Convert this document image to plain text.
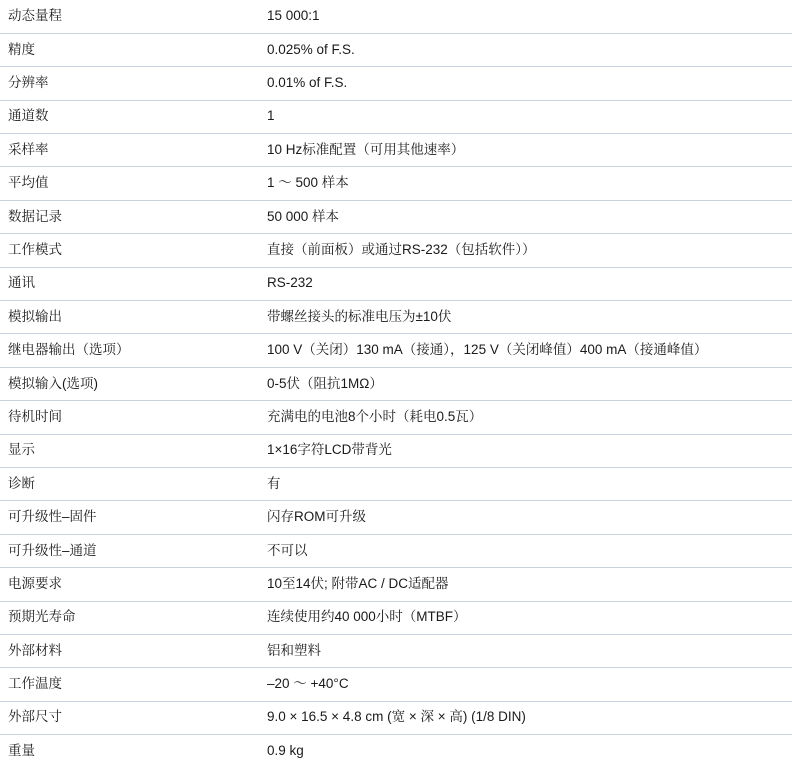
动态量程	15 000:1
精度	0.025% of F.S.
分辨率	0.01% of F.S.
通道数	1
采样率	10 Hz标准配置（可用其他速率）
平均值	1 ～ 500 样本
数据记录	50 000 样本
工作模式	直接（前面板）或通过RS-232（包括软件））
通讯	RS-232
模拟输出	带螺丝接头的标准电压为±10伏
继电器输出（选项）	100 V（关闭）130 mA（接通），125 V（关闭峰值）400 mA（接通峰值）
模拟输入(选项)	0-5伏（阻抗1MΩ）
待机时间	充满电的电池8个小时（耗电0.5瓦）
显示	1×16字符LCD带背光
诊断	有
可升级性–固件	闪存ROM可升级
可升级性–通道	不可以
电源要求	10至14伏; 附带AC / DC适配器
预期光寿命	连续使用约40 000小时（MTBF）
外部材料	铝和塑料
工作温度	–20 ～ +40°C
外部尺寸	9.0 × 16.5 × 4.8 cm (宽 × 深 × 高) (1/8 DIN)
重量	0.9 kg
